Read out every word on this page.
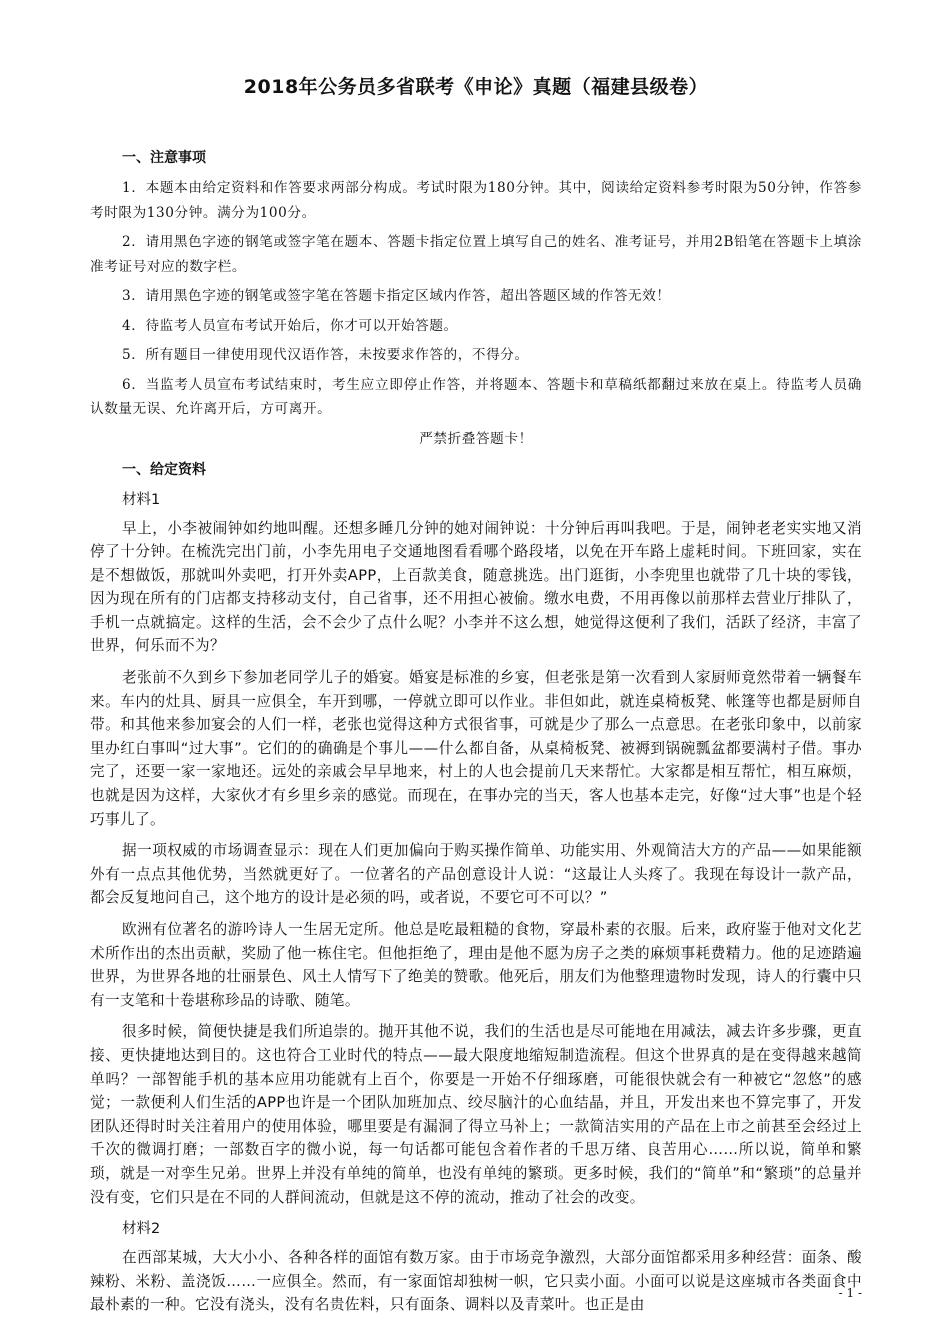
2018年公务员多省联考《申论》真题（福建县级卷）
一、注意事项

1．本题本由给定资料和作答要求两部分构成。考试时限为180分钟。其中，阅读给定资料参考时限为50分钟，作答参考时限为130分钟。满分为100分。

2．请用黑色字迹的钢笔或签字笔在题本、答题卡指定位置上填写自己的姓名、准考证号，并用2B铅笔在答题卡上填涂准考证号对应的数字栏。

3．请用黑色字迹的钢笔或签字笔在答题卡指定区域内作答，超出答题区域的作答无效！

4．待监考人员宣布考试开始后，你才可以开始答题。

5．所有题目一律使用现代汉语作答，未按要求作答的，不得分。

6．当监考人员宣布考试结束时，考生应立即停止作答，并将题本、答题卡和草稿纸都翻过来放在桌上。待监考人员确认数量无误、允许离开后，方可离开。

严禁折叠答题卡！
一、给定资料
材料1

早上，小李被闹钟如约地叫醒。还想多睡几分钟的她对闹钟说：十分钟后再叫我吧。于是，闹钟老老实实地又消停了十分钟。在梳洗完出门前，小李先用电子交通地图看看哪个路段堵，以免在开车路上虚耗时间。下班回家，实在是不想做饭，那就叫外卖吧，打开外卖APP，上百款美食，随意挑选。出门逛街，小李兜里也就带了几十块的零钱，因为现在所有的门店都支持移动支付，自己省事，还不用担心被偷。缴水电费，不用再像以前那样去营业厅排队了，手机一点就搞定。这样的生活，会不会少了点什么呢？小李并不这么想，她觉得这便利了我们，活跃了经济，丰富了世界，何乐而不为？

老张前不久到乡下参加老同学儿子的婚宴。婚宴是标准的乡宴，但老张是第一次看到人家厨师竟然带着一辆餐车来。车内的灶具、厨具一应俱全，车开到哪，一停就立即可以作业。非但如此，就连桌椅板凳、帐篷等也都是厨师自带。和其他来参加宴会的人们一样，老张也觉得这种方式很省事，可就是少了那么一点意思。在老张印象中，以前家里办红白事叫“过大事”。它们的的确确是个事儿——什么都自备，从桌椅板凳、被褥到锅碗瓢盆都要满村子借。事办完了，还要一家一家地还。远处的亲戚会早早地来，村上的人也会提前几天来帮忙。大家都是相互帮忙，相互麻烦，也就是因为这样，大家伙才有乡里乡亲的感觉。而现在，在事办完的当天，客人也基本走完，好像“过大事”也是个轻巧事儿了。

据一项权威的市场调查显示：现在人们更加偏向于购买操作简单、功能实用、外观简洁大方的产品——如果能额外有一点点其他优势，当然就更好了。一位著名的产品创意设计人说：“这最让人头疼了。我现在每设计一款产品，都会反复地问自己，这个地方的设计是必须的吗，或者说，不要它可不可以？”

欧洲有位著名的游吟诗人一生居无定所。他总是吃最粗糙的食物，穿最朴素的衣服。后来，政府鉴于他对文化艺术所作出的杰出贡献，奖励了他一栋住宅。但他拒绝了，理由是他不愿为房子之类的麻烦事耗费精力。他的足迹踏遍世界，为世界各地的壮丽景色、风土人情写下了绝美的赞歌。他死后，朋友们为他整理遗物时发现，诗人的行囊中只有一支笔和十卷堪称珍品的诗歌、随笔。

很多时候，简便快捷是我们所追崇的。抛开其他不说，我们的生活也是尽可能地在用减法，减去许多步骤，更直接、更快捷地达到目的。这也符合工业时代的特点——最大限度地缩短制造流程。但这个世界真的是在变得越来越简单吗？一部智能手机的基本应用功能就有上百个，你要是一开始不仔细琢磨，可能很快就会有一种被它“忽悠”的感觉；一款便利人们生活的APP也许是一个团队加班加点、绞尽脑汁的心血结晶，并且，开发出来也不算完事了，开发团队还得时时关注着用户的使用体验，哪里要是有漏洞了得立马补上；一款简洁实用的产品在上市之前甚至会经过上千次的微调打磨；一部数百字的微小说，每一句话都可能包含着作者的千思万绪、良苦用心……所以说，简单和繁琐，就是一对孪生兄弟。世界上并没有单纯的简单，也没有单纯的繁琐。更多时候，我们的“简单”和“繁琐”的总量并没有变，它们只是在不同的人群间流动，但就是这不停的流动，推动了社会的改变。

材料2

在西部某城，大大小小、各种各样的面馆有数万家。由于市场竞争激烈，大部分面馆都采用多种经营：面条、酸辣粉、米粉、盖浇饭……一应俱全。然而，有一家面馆却独树一帜，它只卖小面。小面可以说是这座城市各类面食中最朴素的一种。它没有浇头，没有名贵佐料，只有面条、调料以及青菜叶。也正是由

- 1 -
